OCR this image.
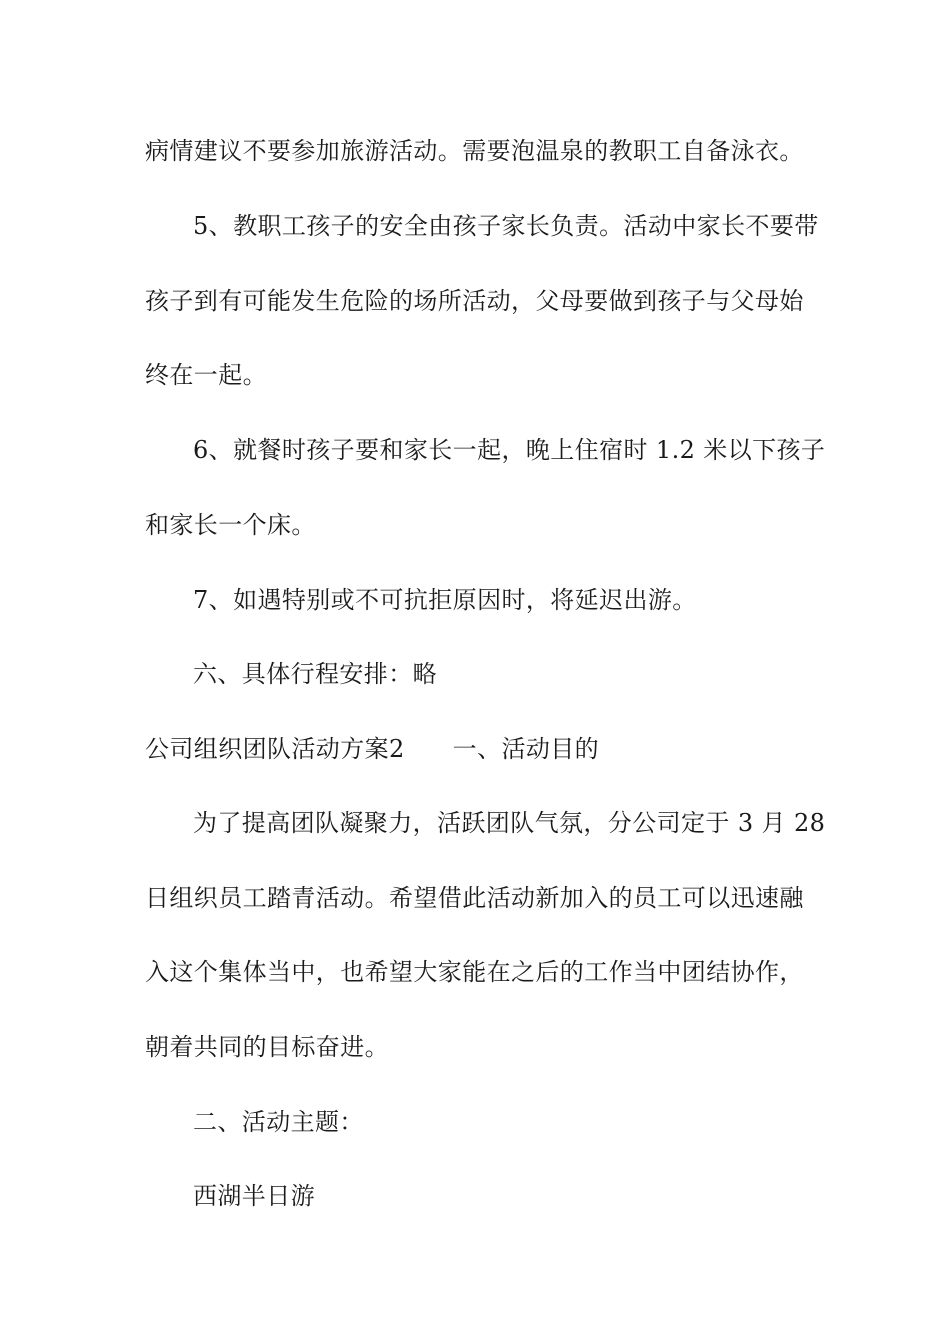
病情建议不要参加旅游活动。需要泡温泉的教职工自备泳衣。
5、教职工孩子的安全由孩子家长负责。活动中家长不要带
孩子到有可能发生危险的场所活动，父母要做到孩子与父母始
终在一起。
6、就餐时孩子要和家长一起，晚上住宿时 1.2 米以下孩子
和家长一个床。
7、如遇特别或不可抗拒原因时，将延迟出游。
六、具体行程安排：略
公司组织团队活动方案2 一、活动目的
为了提高团队凝聚力，活跃团队气氛，分公司定于 3 月 28
日组织员工踏青活动。希望借此活动新加入的员工可以迅速融
入这个集体当中，也希望大家能在之后的工作当中团结协作，
朝着共同的目标奋进。
二、活动主题：
西湖半日游
